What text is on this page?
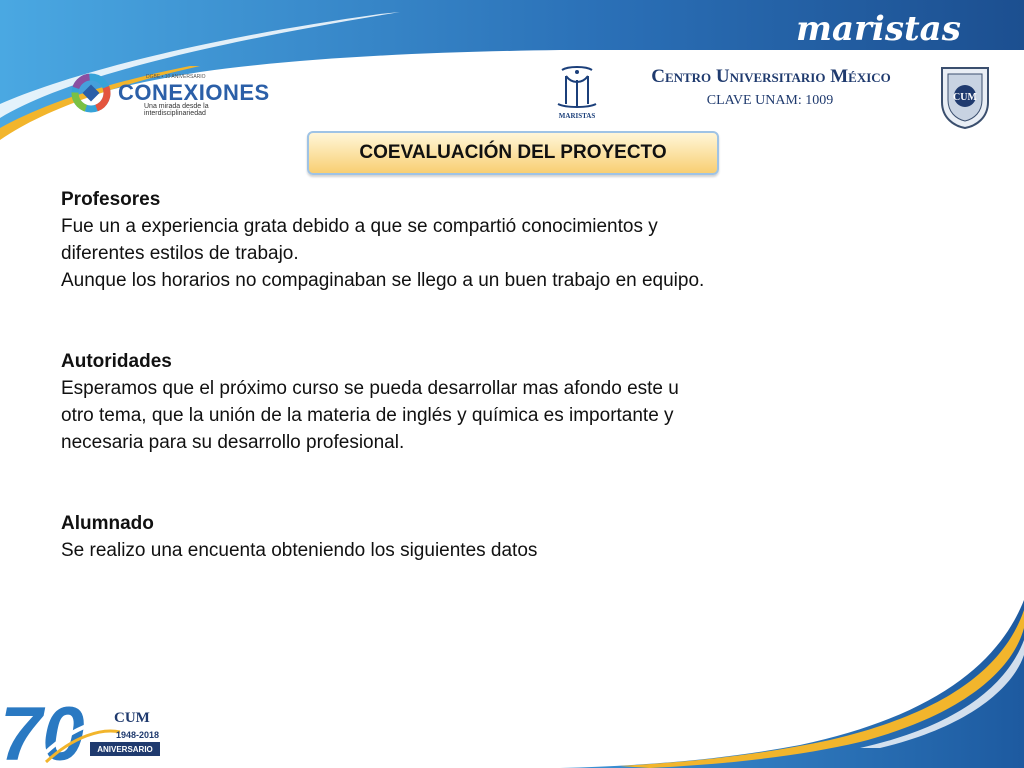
maristas
DGBE • 10 ANIVERSARIO
CONEXIONES
Una mirada desde la interdisciplinariedad	MARISTAS
Centro Universitario México
CLAVE UNAM: 1009	CUM
COEVALUACIÓN DEL PROYECTO

Profesores

Fue un a experiencia grata debido a que se compartió conocimientos y

diferentes estilos de trabajo.

Aunque los horarios no compaginaban se llego a un buen trabajo en equipo.

Autoridades

Esperamos que el próximo curso se pueda desarrollar mas afondo este u

otro tema, que la unión de la materia de inglés y química es importante y

necesaria para su desarrollo profesional.

Alumnado

Se realizo una encuenta obteniendo los siguientes datos

70 CUM
1948-2018
ANIVERSARIO
